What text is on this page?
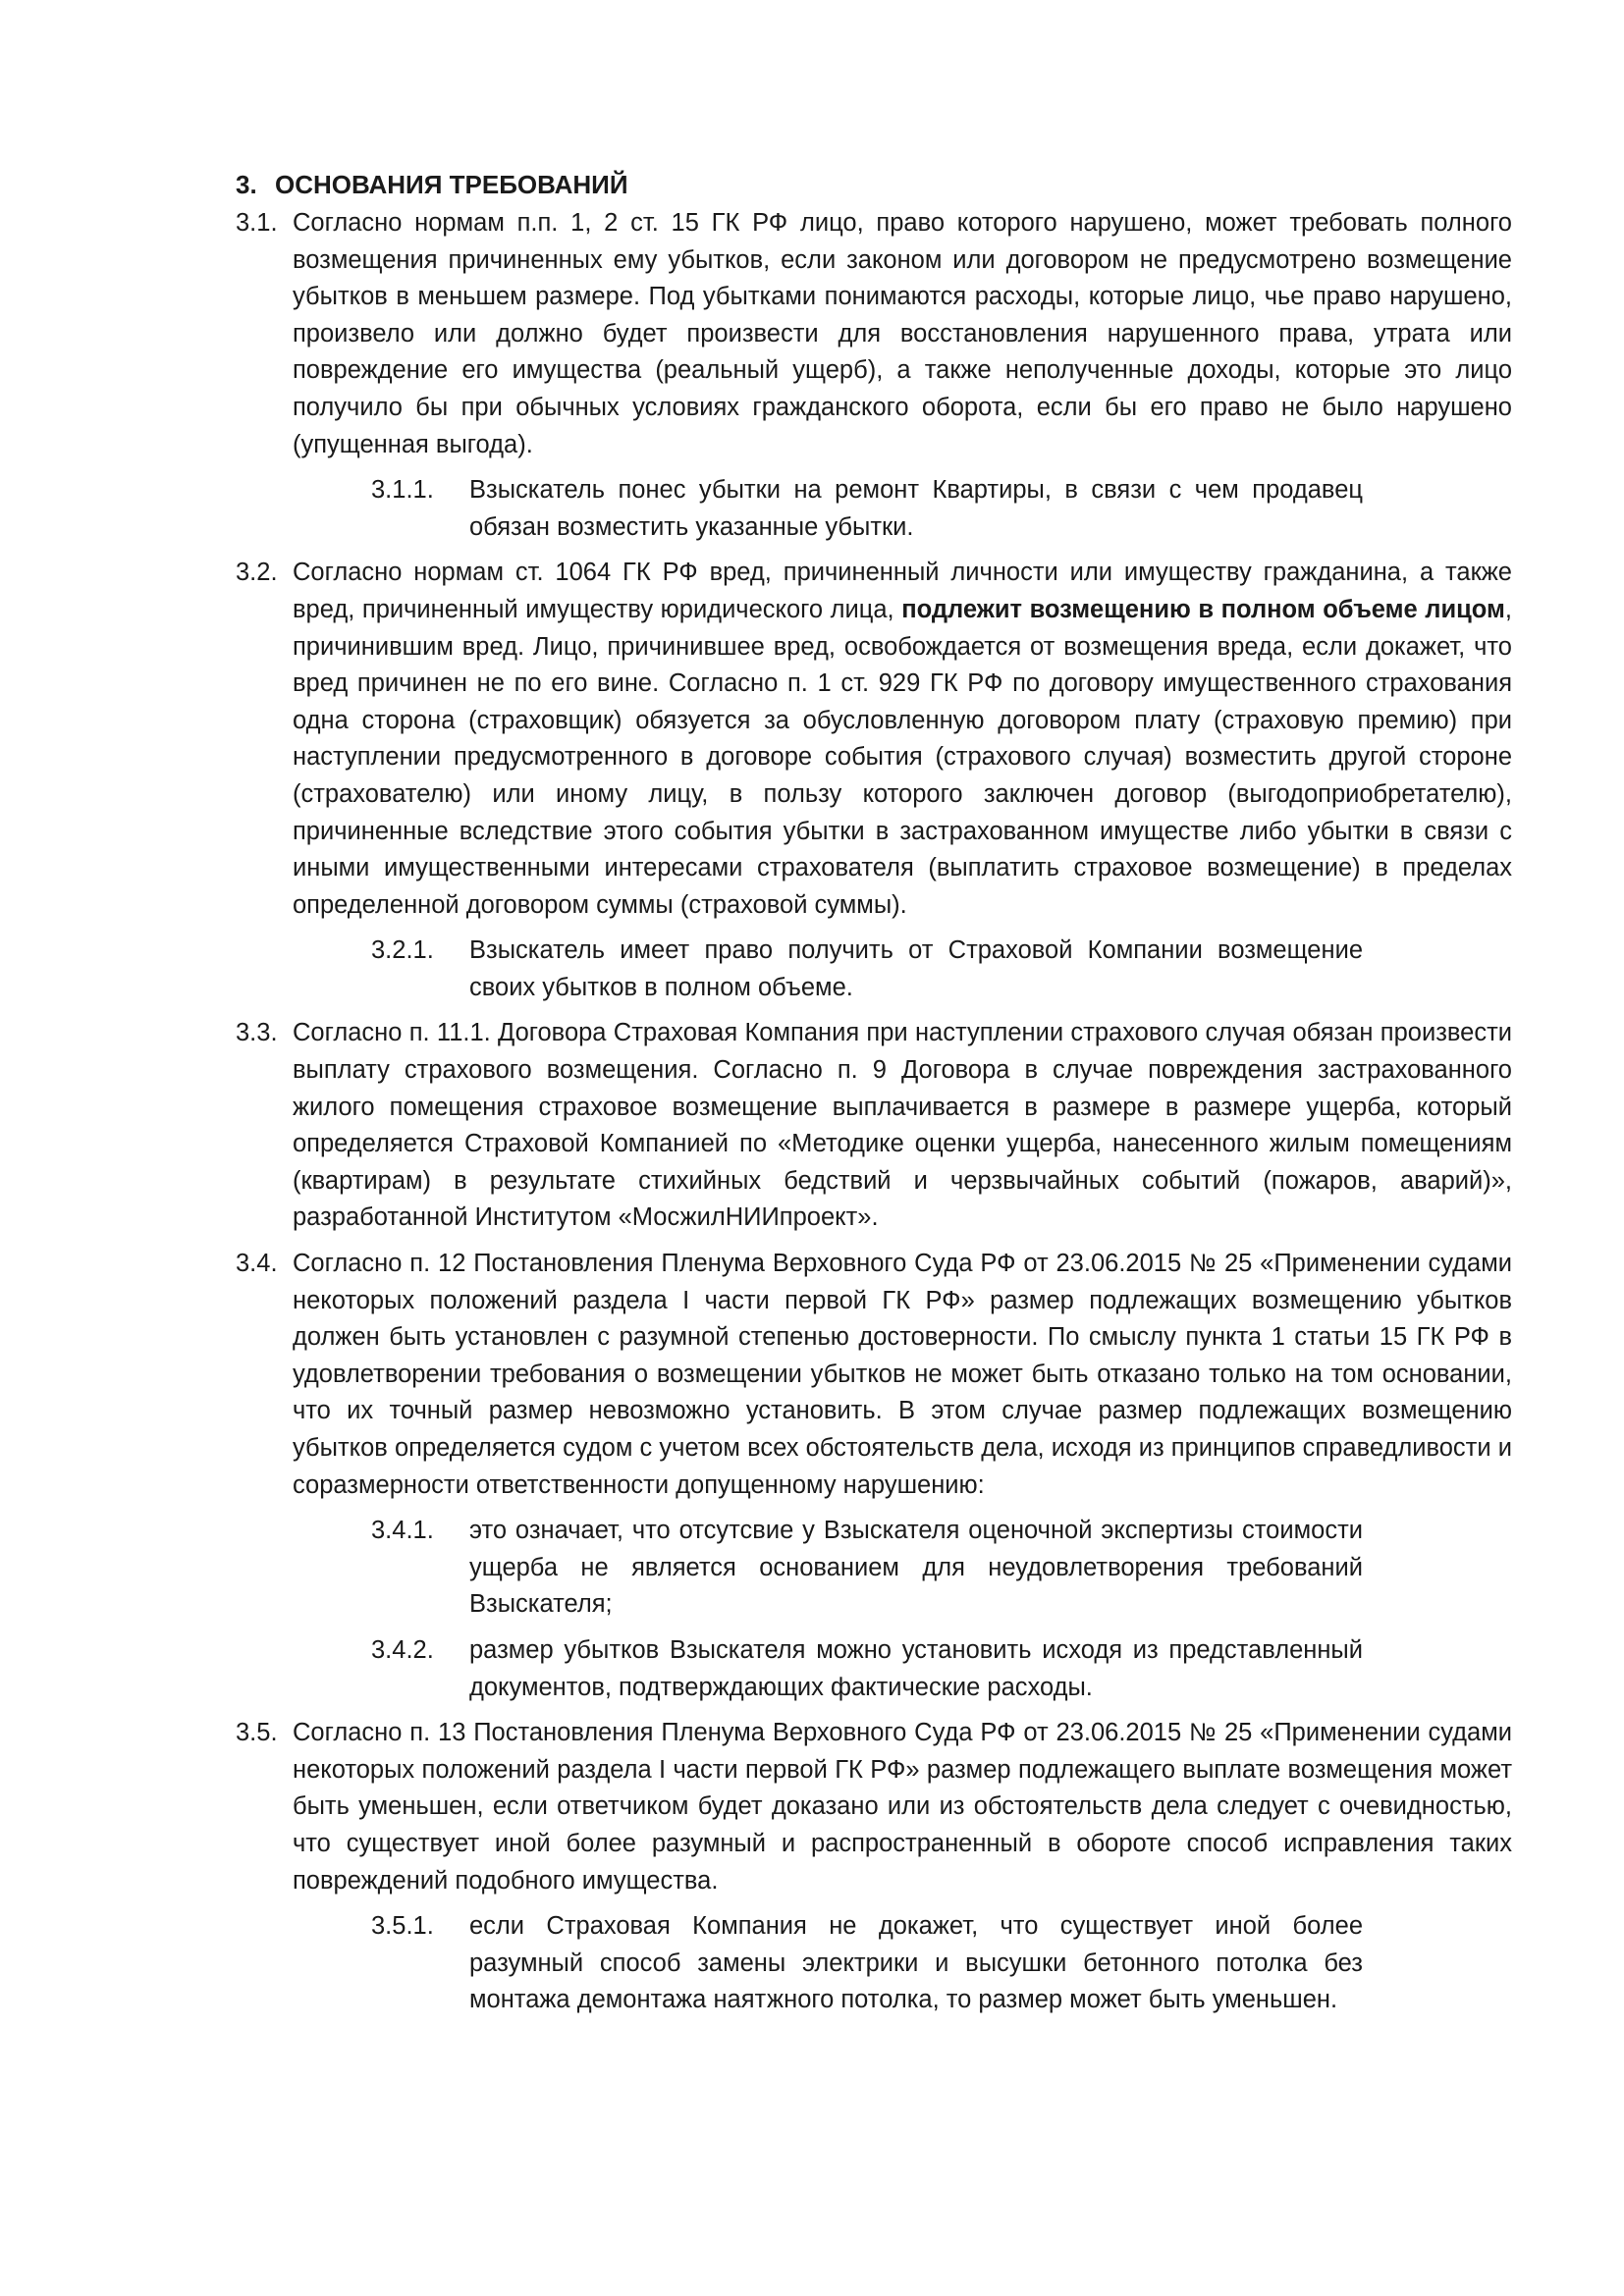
3. ОСНОВАНИЯ ТРЕБОВАНИЙ
3.1. Согласно нормам п.п. 1, 2 ст. 15 ГК РФ лицо, право которого нарушено, может требовать полного возмещения причиненных ему убытков, если законом или договором не предусмотрено возмещение убытков в меньшем размере. Под убытками понимаются расходы, которые лицо, чье право нарушено, произвело или должно будет произвести для восстановления нарушенного права, утрата или повреждение его имущества (реальный ущерб), а также неполученные доходы, которые это лицо получило бы при обычных условиях гражданского оборота, если бы его право не было нарушено (упущенная выгода).
3.1.1.	Взыскатель понес убытки на ремонт Квартиры, в связи с чем продавец обязан возместить указанные убытки.
3.2. Согласно нормам ст. 1064 ГК РФ вред, причиненный личности или имуществу гражданина, а также вред, причиненный имуществу юридического лица, подлежит возмещению в полном объеме лицом, причинившим вред. Лицо, причинившее вред, освобождается от возмещения вреда, если докажет, что вред причинен не по его вине. Согласно п. 1 ст. 929 ГК РФ по договору имущественного страхования одна сторона (страховщик) обязуется за обусловленную договором плату (страховую премию) при наступлении предусмотренного в договоре события (страхового случая) возместить другой стороне (страхователю) или иному лицу, в пользу которого заключен договор (выгодоприобретателю), причиненные вследствие этого события убытки в застрахованном имуществе либо убытки в связи с иными имущественными интересами страхователя (выплатить страховое возмещение) в пределах определенной договором суммы (страховой суммы).
3.2.1.	Взыскатель имеет право получить от Страховой Компании возмещение своих убытков в полном объеме.
3.3. Согласно п. 11.1. Договора Страховая Компания при наступлении страхового случая обязан произвести выплату страхового возмещения. Согласно п. 9 Договора в случае повреждения застрахованного жилого помещения страховое возмещение выплачивается в размере в размере ущерба, который определяется Страховой Компанией по «Методике оценки ущерба, нанесенного жилым помещениям (квартирам) в результате стихийных бедствий и черзвычайных событий (пожаров, аварий)», разработанной Институтом «МосжилНИИпроект».
3.4. Согласно п. 12 Постановления Пленума Верховного Суда РФ от 23.06.2015 № 25 «Применении судами некоторых положений раздела I части первой ГК РФ» размер подлежащих возмещению убытков должен быть установлен с разумной степенью достоверности. По смыслу пункта 1 статьи 15 ГК РФ в удовлетворении требования о возмещении убытков не может быть отказано только на том основании, что их точный размер невозможно установить. В этом случае размер подлежащих возмещению убытков определяется судом с учетом всех обстоятельств дела, исходя из принципов справедливости и соразмерности ответственности допущенному нарушению:
3.4.1.	это означает, что отсутсвие у Взыскателя оценочной экспертизы стоимости ущерба не является основанием для неудовлетворения требований Взыскателя;
3.4.2.	размер убытков Взыскателя можно установить исходя из представленный документов, подтверждающих фактические расходы.
3.5. Согласно п. 13 Постановления Пленума Верховного Суда РФ от 23.06.2015 № 25 «Применении судами некоторых положений раздела I части первой ГК РФ» размер подлежащего выплате возмещения может быть уменьшен, если ответчиком будет доказано или из обстоятельств дела следует с очевидностью, что существует иной более разумный и распространенный в обороте способ исправления таких повреждений подобного имущества.
3.5.1.	если Страховая Компания не докажет, что существует иной более разумный способ замены электрики и высушки бетонного потолка без монтажа демонтажа наятжного потолка, то размер может быть уменьшен.
